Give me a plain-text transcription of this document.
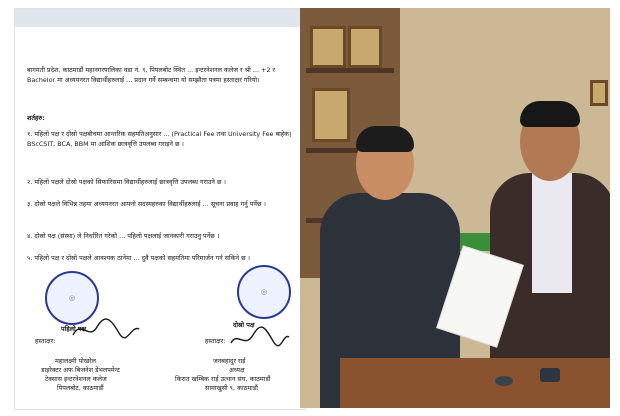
बागमती प्रदेश, काठमाडौं महानगरपालिका वडा नं. ९, पिपलबोट स्थित ... इन्टरनेशनल कलेज र श्री ... +2 र Bachelor मा अध्ययनरत विद्यार्थीहरुलाई ... प्रदान गर्ने सम्बन्धमा यो सम्झौता पत्रमा हस्ताक्षर गरियो।
शर्तहरु:
१. पहिलो पक्ष र दोस्रो पक्षबीचमा आन्तरिक सहमतिअनुसार ... (Practical Fee तथा University Fee बाहेक) BScCSIT, BCA, BBM मा आंशिक छात्रवृत्ति उपलब्ध गराइने छ ।
२. पहिलो पक्षले दोस्रो पक्षको सिफारिसमा विद्यार्थीहरुलाई छात्रवृत्ति उपलब्ध गराउने छ ।
३. दोस्रो पक्षले विभिन्न तहमा अध्ययनरत आफ्नो सदस्यहरुका विद्यार्थीहरुलाई ... सूचना प्रवाह गर्नु पर्नेछ ।
४. दोस्रो पक्ष (संस्था) ले निर्धारित गरेको ... पहिलो पक्षलाई जानकारी गराउनु पर्नेछ ।
५. पहिलो पक्ष र दोस्रो पक्षले आवश्यक ठानेमा ... दुवै पक्षको सहमतिमा परिमार्जन गर्न सकिने छ ।
◎
◎
पहिलो पक्ष	दोस्रो पक्ष
हस्ताक्षर:	हस्ताक्षर:
महालक्ष्मी पोखरेल
डाइरेक्टर अफ बिजनेश डेभलपमेन्ट
टेक्सास इन्टरनेशनल कलेज
पिपलबोट, काठमाडौं
जनबहादुर राई
अध्यक्ष
किरात खम्बिक राई उत्थान संघ, काठमाडौं
सामाखुसी ९, काठमाडौं
